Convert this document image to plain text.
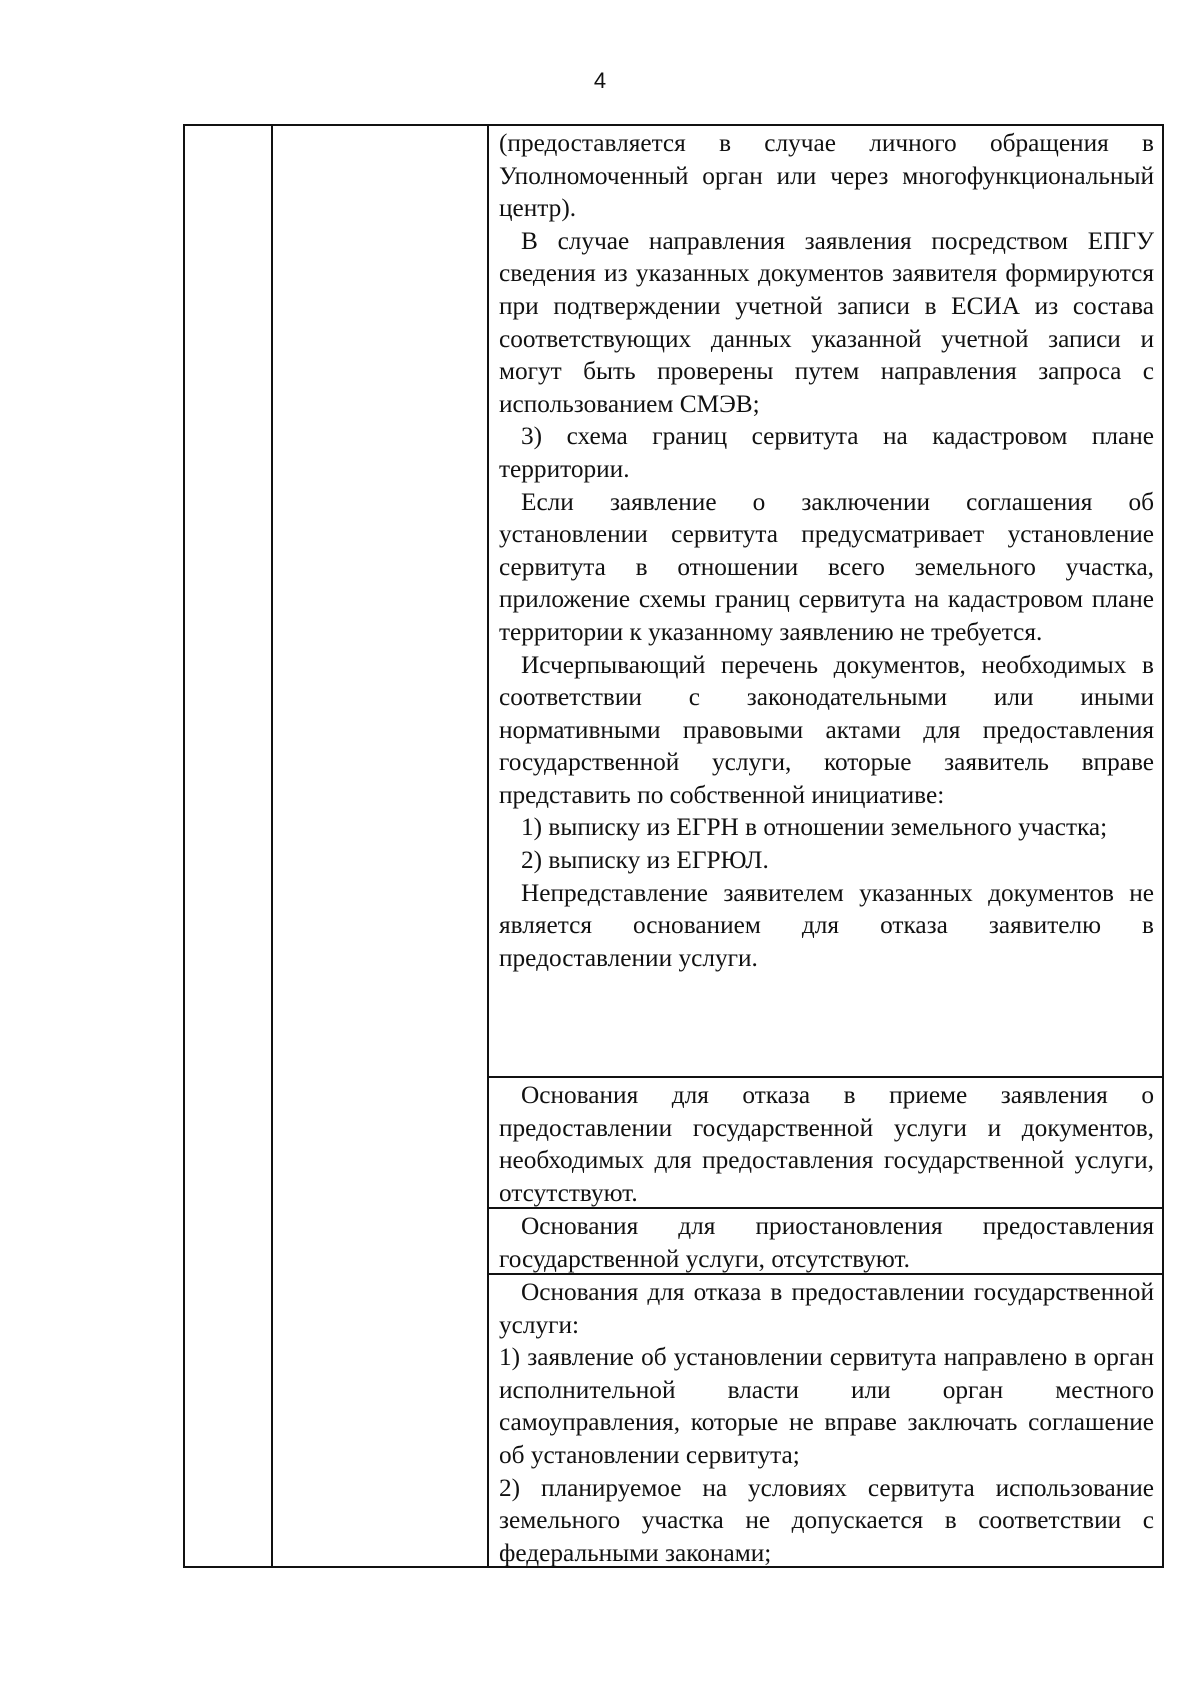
4

(предоставляется в случае личного обращения в Уполномоченный орган или через многофункциональный центр).

В случае направления заявления посредством ЕПГУ сведения из указанных документов заявителя формируются при подтверждении учетной записи в ЕСИА из состава соответствующих данных указанной учетной записи и могут быть проверены путем направления запроса с использованием СМЭВ;

3) схема границ сервитута на кадастровом плане территории.

Если заявление о заключении соглашения об установлении сервитута предусматривает установление сервитута в отношении всего земельного участка, приложение схемы границ сервитута на кадастровом плане территории к указанному заявлению не требуется.

Исчерпывающий перечень документов, необходимых в соответствии с законодательными или иными нормативными правовыми актами для предоставления государственной услуги, которые заявитель вправе представить по собственной инициативе:

1) выписку из ЕГРН в отношении земельного участка;

2) выписку из ЕГРЮЛ.

Непредставление заявителем указанных документов не является основанием для отказа заявителю в предоставлении услуги.

Основания для отказа в приеме заявления о предоставлении государственной услуги и документов, необходимых для предоставления государственной услуги, отсутствуют.

Основания для приостановления предоставления государственной услуги, отсутствуют.

Основания для отказа в предоставлении государственной услуги:

1) заявление об установлении сервитута направлено в орган исполнительной власти или орган местного самоуправления, которые не вправе заключать соглашение об установлении сервитута;

2) планируемое на условиях сервитута использование земельного участка не допускается в соответствии с федеральными законами;
